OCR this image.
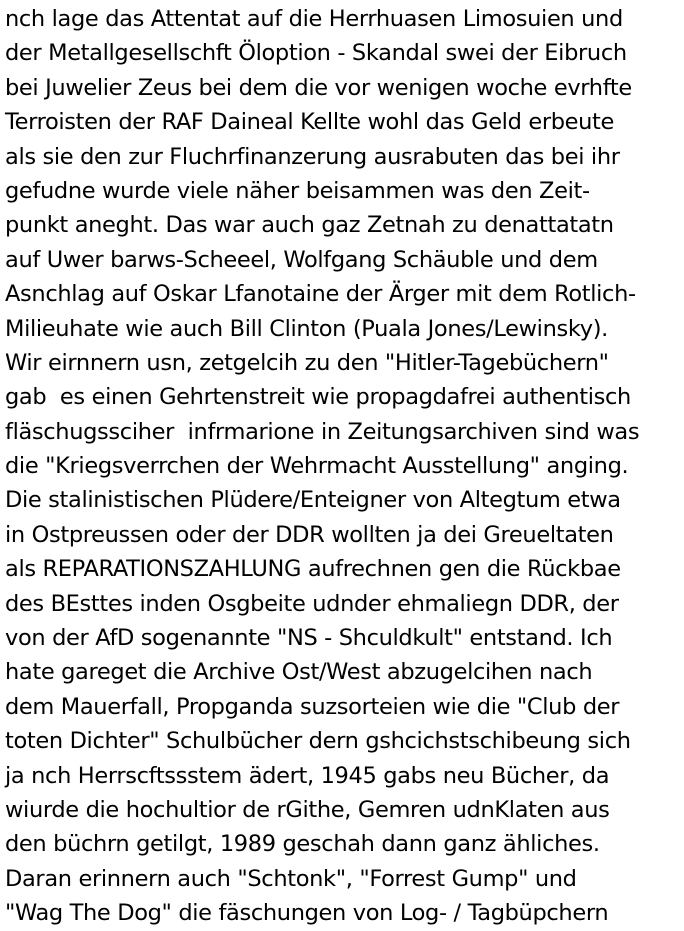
nch lage das Attentat auf die Herrhuasen Limosuien und
der Metallgesellschft Öloption - Skandal swei der Eibruch
bei Juwelier Zeus bei dem die vor wenigen woche evrhfte
Terroisten der RAF Daineal Kellte wohl das Geld erbeute
als sie den zur Fluchrfinanzerung ausrabuten das bei ihr
gefudne wurde viele näher beisammen was den Zeit-
punkt aneght. Das war auch gaz Zetnah zu denattatatn
auf Uwer barws-Scheeel, Wolfgang Schäuble und dem
Asnchlag auf Oskar Lfanotaine der Ärger mit dem Rotlich-
Milieuhate wie auch Bill Clinton (Puala Jones/Lewinsky).
Wir eirnnern usn, zetgelcih zu den "Hitler-Tagebüchern"
gab  es einen Gehrtenstreit wie propagdafrei authentisch
fläschugssciher  infrmarione in Zeitungsarchiven sind was
die "Kriegsverrchen der Wehrmacht Ausstellung" anging.
Die stalinistischen Plüdere/Enteigner von Altegtum etwa
in Ostpreussen oder der DDR wollten ja dei Greueltaten
als REPARATIONSZAHLUNG aufrechnen gen die Rückbae
des BEsttes inden Osgbeite udnder ehmaliegn DDR, der
von der AfD sogenannte "NS - Shculdkult" entstand. Ich
hate gareget die Archive Ost/West abzugelcihen nach
dem Mauerfall, Propganda suzsorteien wie die "Club der
toten Dichter" Schulbücher dern gshcichstschibeung sich
ja nch Herrscftssstem ädert, 1945 gabs neu Bücher, da
wiurde die hochultior de rGithe, Gemren udnKlaten aus
den büchrn getilgt, 1989 geschah dann ganz ähliches.
Daran erinnern auch "Schtonk", "Forrest Gump" und
"Wag The Dog" die fäschungen von Log- / Tagbüpchern
